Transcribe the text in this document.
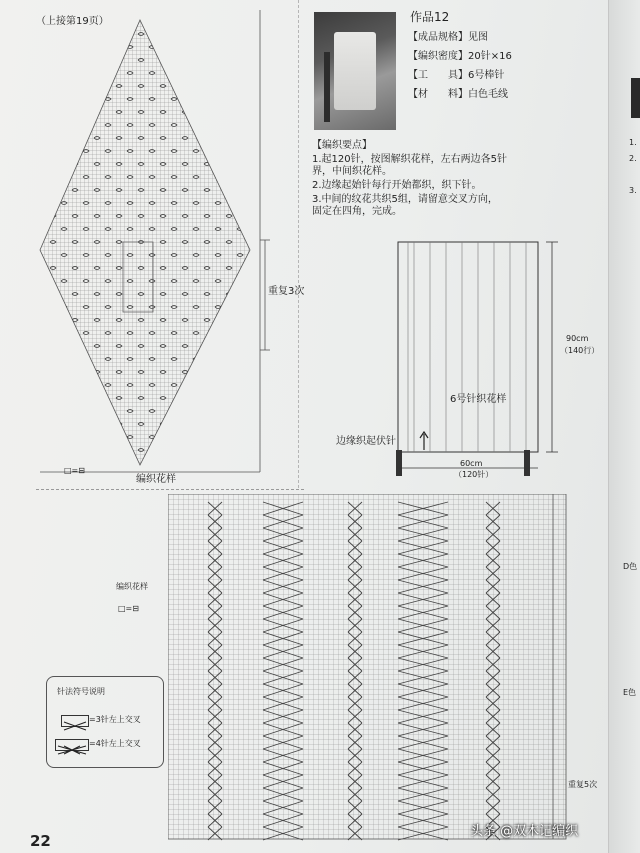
（上接第19页）
重复3次
□=⊟
编织花样
作品12
【成品规格】见图
【编织密度】20针×16
【工　　具】6号棒针
【材　　料】白色毛线
【编织要点】
1.起120针，按图解织花样，左右两边各5针
界，中间织花样。
2.边缘起始针每行开始都织，织下针。
3.中间的纹花共织5组，请留意交叉方向，
固定在四角，完成。
90cm
（140行）
6号针织花样
边缘织起伏针
60cm
（120针）
重复5次
编织花样
□=⊟
针法符号说明
=3针左上交叉
=4针左上交叉
22
1.
2.
3.
D色
E色
头条 @双木记编织
